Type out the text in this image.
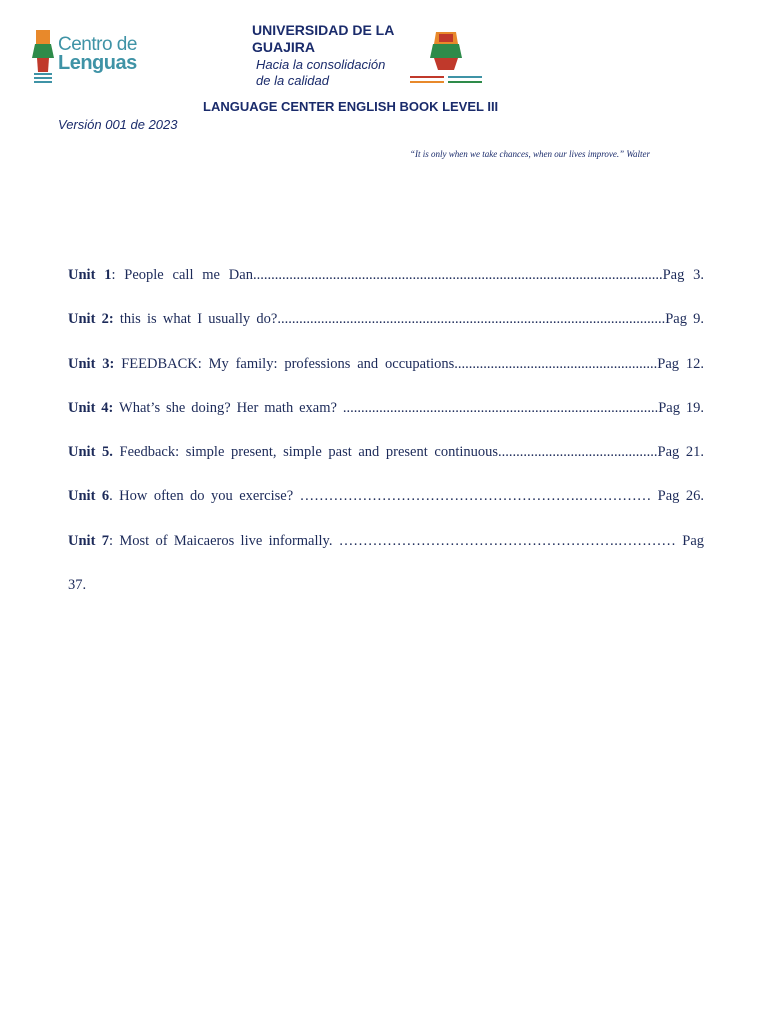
Centro de
Lenguas
UNIVERSIDAD DE LA
GUAJIRA
Hacia la consolidación
de la calidad
LANGUAGE CENTER ENGLISH BOOK LEVEL III
Versión 001 de 2023
“It is only when we take chances, when our lives improve.” Walter
Unit 1: People call me Dan.................................................................................................................Pag 3.
Unit 2: this is what I usually do?...........................................................................................................Pag 9.
Unit 3: FEEDBACK: My family: professions and occupations........................................................Pag 12. Unit 4: What’s she doing? Her math exam? .......................................................................................Pag 19. Unit 5. Feedback: simple present, simple past and present continuous............................................Pag 21. Unit 6. How often do you exercise? ………………………………………………….…………… Pag 26. Unit 7: Most of Maicaeros live informally. ………………………………………………….………… Pag 37.
